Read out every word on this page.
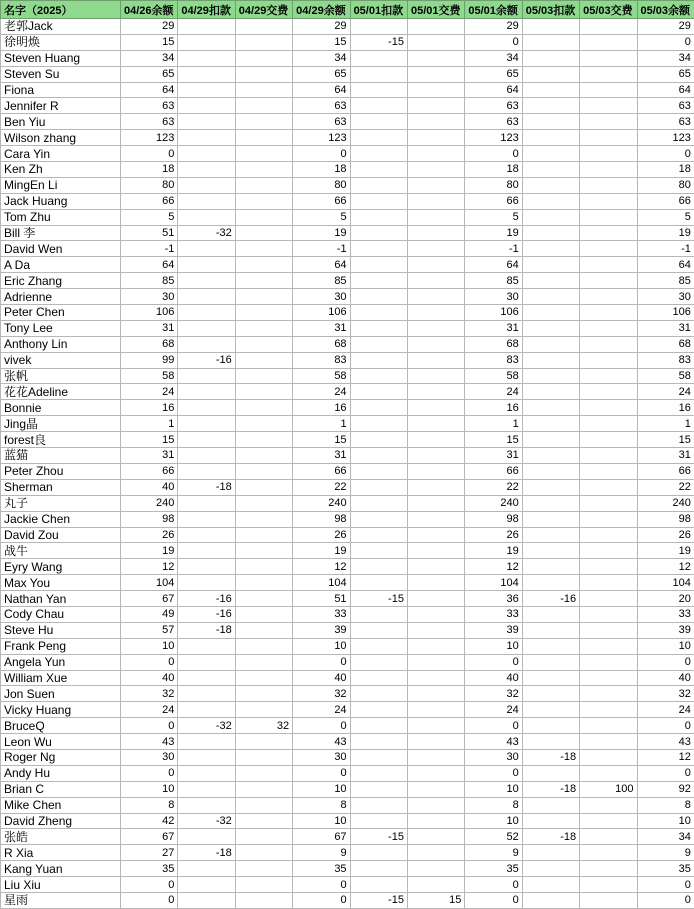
名字（2025）	04/26余额	04/29扣款	04/29交费	04/29余额	05/01扣款	05/01交费	05/01余额	05/03扣款	05/03交费	05/03余额
老郭Jack	29			29			29			29
徐明焕	15			15	-15		0			0
Steven Huang	34			34			34			34
Steven Su	65			65			65			65
Fiona	64			64			64			64
Jennifer R	63			63			63			63
Ben Yiu	63			63			63			63
Wilson zhang	123			123			123			123
Cara Yin	0			0			0			0
Ken Zh	18			18			18			18
MingEn Li	80			80			80			80
Jack Huang	66			66			66			66
Tom Zhu	5			5			5			5
Bill 李	51	-32		19			19			19
David Wen	-1			-1			-1			-1
A Da	64			64			64			64
Eric Zhang	85			85			85			85
Adrienne	30			30			30			30
Peter Chen	106			106			106			106
Tony Lee	31			31			31			31
Anthony Lin	68			68			68			68
vivek	99	-16		83			83			83
张帆	58			58			58			58
花花Adeline	24			24			24			24
Bonnie	16			16			16			16
Jing晶	1			1			1			1
forest良	15			15			15			15
蓝猫	31			31			31			31
Peter Zhou	66			66			66			66
Sherman	40	-18		22			22			22
丸子	240			240			240			240
Jackie Chen	98			98			98			98
David Zou	26			26			26			26
战牛	19			19			19			19
Eyry Wang	12			12			12			12
Max You	104			104			104			104
Nathan Yan	67	-16		51	-15		36	-16		20
Cody Chau	49	-16		33			33			33
Steve Hu	57	-18		39			39			39
Frank Peng	10			10			10			10
Angela Yun	0			0			0			0
William Xue	40			40			40			40
Jon Suen	32			32			32			32
Vicky Huang	24			24			24			24
BruceQ	0	-32	32	0			0			0
Leon Wu	43			43			43			43
Roger Ng	30			30			30	-18		12
Andy Hu	0			0			0			0
Brian C	10			10			10	-18	100	92
Mike Chen	8			8			8			8
David Zheng	42	-32		10			10			10
张皓	67			67	-15		52	-18		34
R Xia	27	-18		9			9			9
Kang Yuan	35			35			35			35
Liu Xiu	0			0			0			0
星雨	0			0	-15	15	0			0
